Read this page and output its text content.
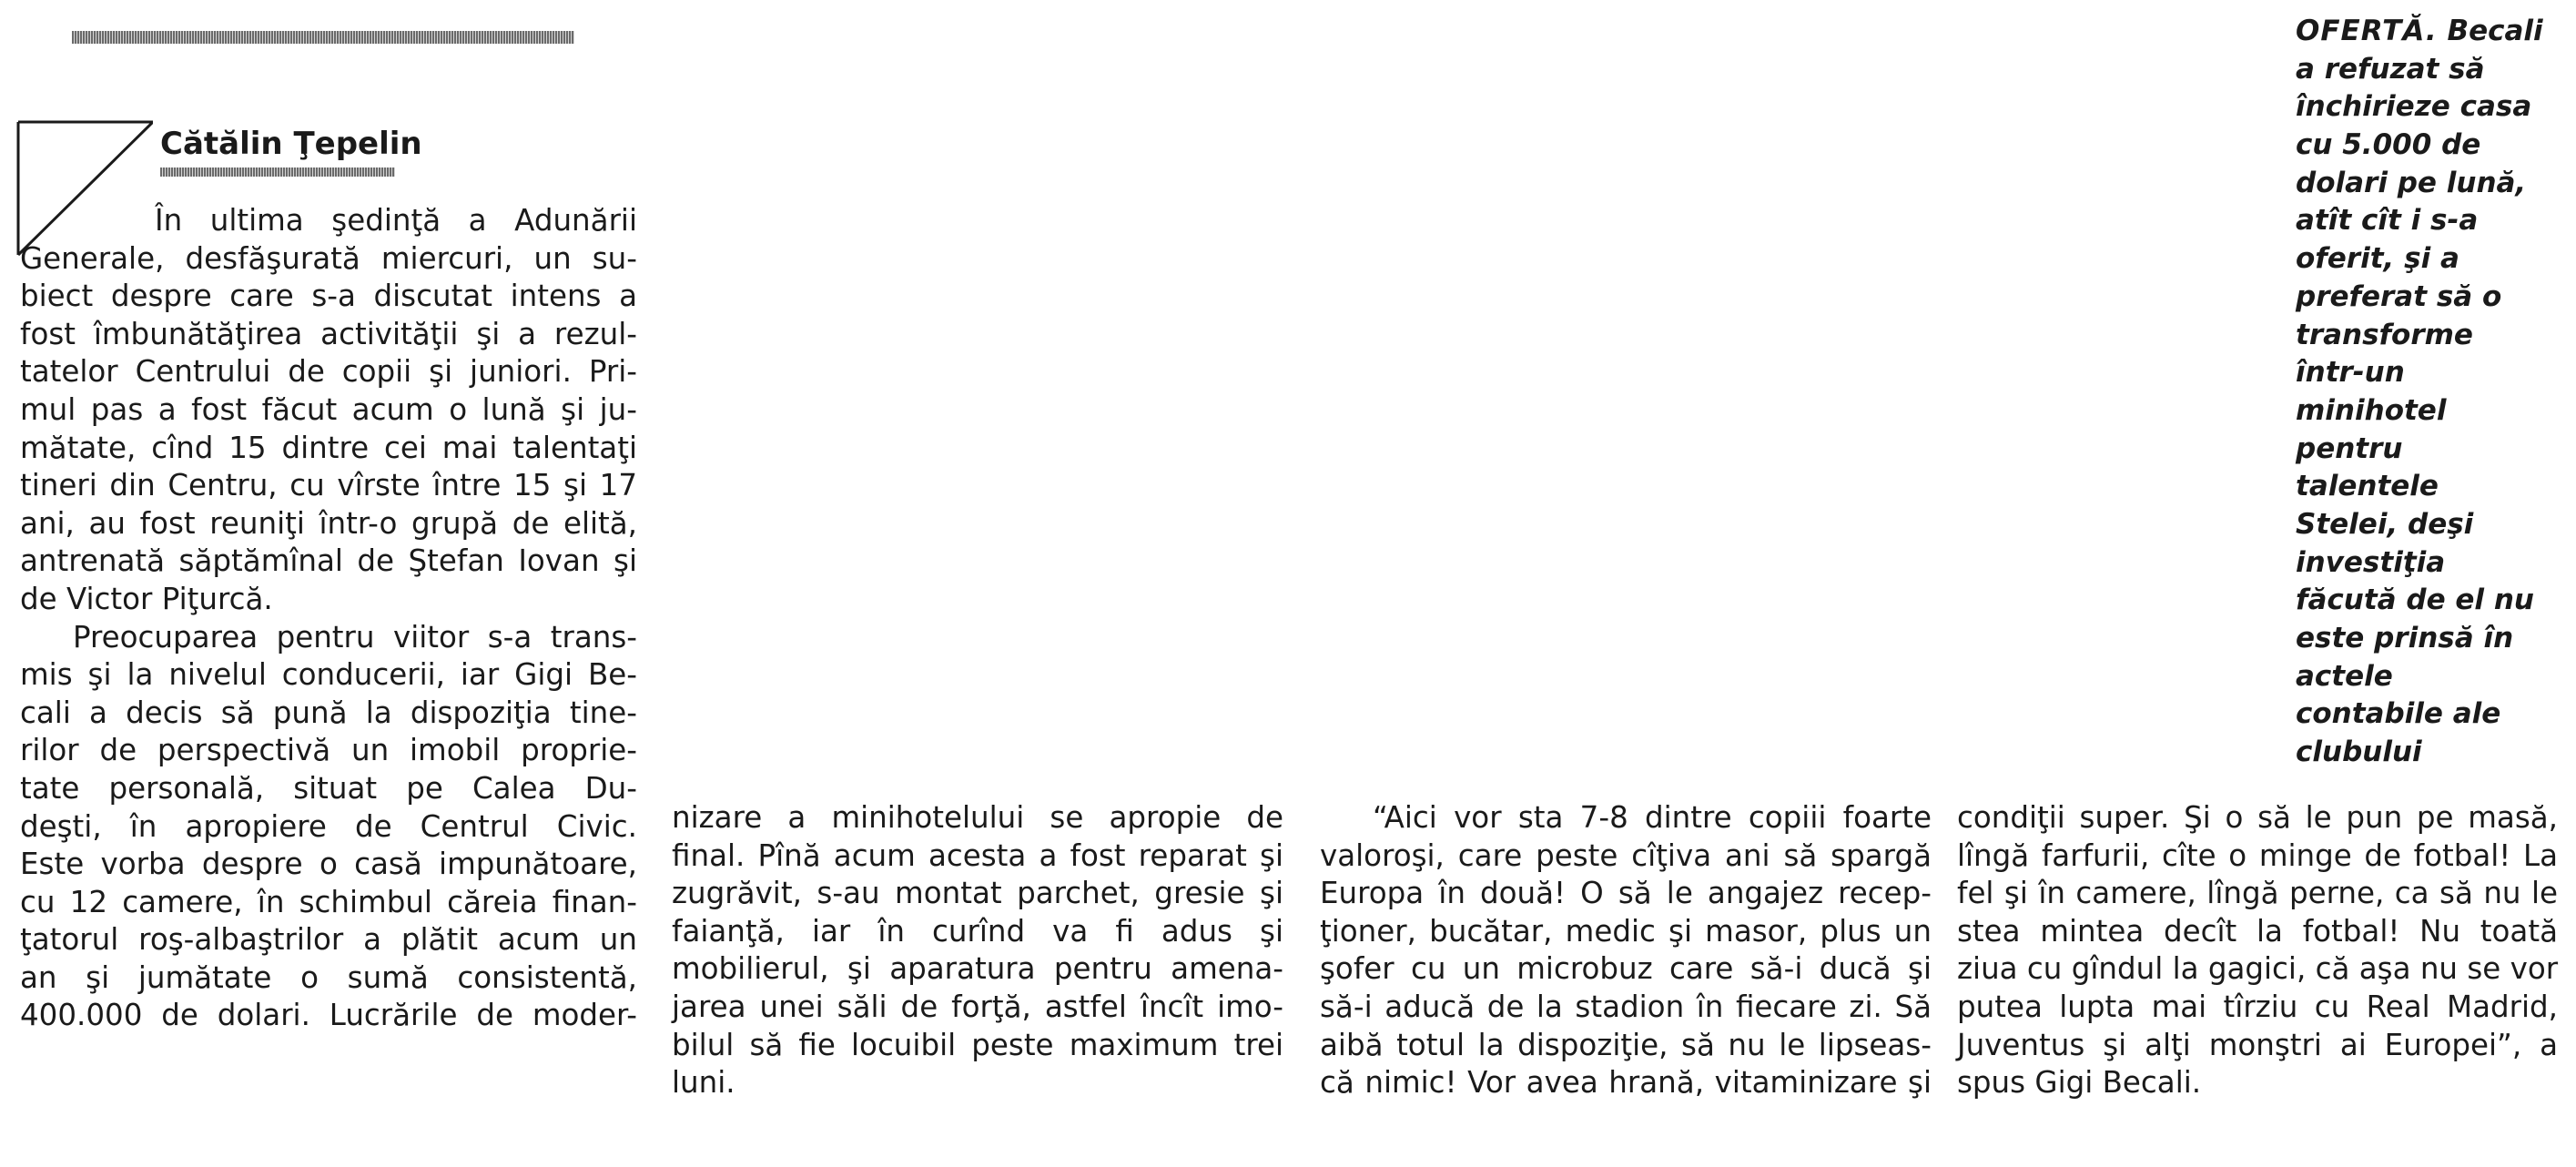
Cătălin Ţepelin
În ultima şedinţă a Adunării
Generale, desfăşurată miercuri, un su-
biect despre care s-a discutat intens a
fost îmbunătăţirea activităţii şi a rezul-
tatelor Centrului de copii şi juniori. Pri-
mul pas a fost făcut acum o lună şi ju-
mătate, cînd 15 dintre cei mai talentaţi
tineri din Centru, cu vîrste între 15 şi 17
ani, au fost reuniţi într-o grupă de elită,
antrenată săptămînal de Ştefan Iovan şi
de Victor Piţurcă.
Preocuparea pentru viitor s-a trans-
mis şi la nivelul conducerii, iar Gigi Be-
cali a decis să pună la dispoziţia tine-
rilor de perspectivă un imobil proprie-
tate personală, situat pe Calea Du-
deşti, în apropiere de Centrul Civic.
Este vorba despre o casă impunătoare,
cu 12 camere, în schimbul căreia finan-
ţatorul roş-albaştrilor a plătit acum un
an şi jumătate o sumă consistentă,
400.000 de dolari. Lucrările de moder-
nizare a minihotelului se apropie de
final. Pînă acum acesta a fost reparat şi
zugrăvit, s-au montat parchet, gresie şi
faianţă, iar în curînd va fi adus şi
mobilierul, şi aparatura pentru amena-
jarea unei săli de forţă, astfel încît imo-
bilul să fie locuibil peste maximum trei
luni.
“Aici vor sta 7-8 dintre copiii foarte
valoroşi, care peste cîţiva ani să spargă
Europa în două! O să le angajez recep-
ţioner, bucătar, medic şi masor, plus un
şofer cu un microbuz care să-i ducă şi
să-i aducă de la stadion în fiecare zi. Să
aibă totul la dispoziţie, să nu le lipseas-
că nimic! Vor avea hrană, vitaminizare şi
condiţii super. Şi o să le pun pe masă,
lîngă farfurii, cîte o minge de fotbal! La
fel şi în camere, lîngă perne, ca să nu le
stea mintea decît la fotbal! Nu toată
ziua cu gîndul la gagici, că aşa nu se vor
putea lupta mai tîrziu cu Real Madrid,
Juventus şi alţi monştri ai Europei”, a
spus Gigi Becali.
OFERTĂ. Becali
a refuzat să
închirieze casa
cu 5.000 de
dolari pe lună,
atît cît i s-a
oferit, şi a
preferat să o
transforme
într-un
minihotel
pentru
talentele
Stelei, deşi
investiţia
făcută de el nu
este prinsă în
actele
contabile ale
clubului
